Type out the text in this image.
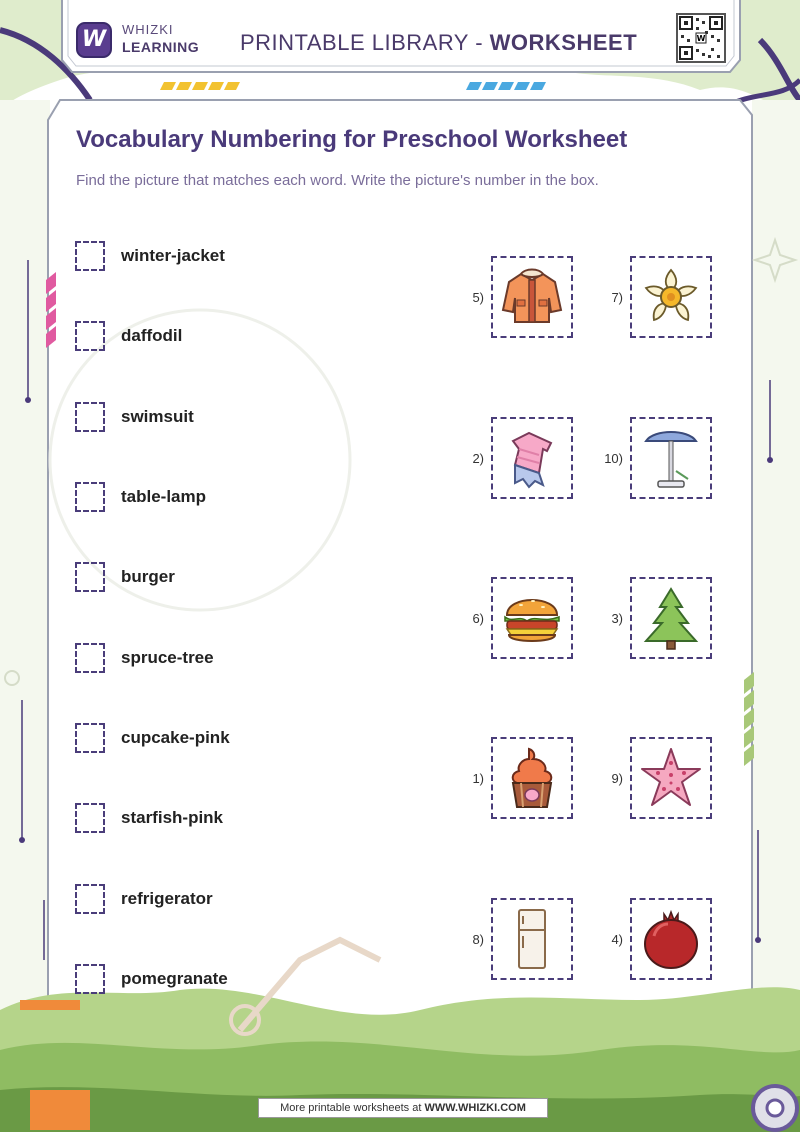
W WHIZKI
LEARNING PRINTABLE LIBRARY - WORKSHEET	W
Vocabulary Numbering for Preschool Worksheet
Find the picture that matches each word. Write the picture's number in the box.
winter-jacket
daffodil
swimsuit
table-lamp
burger
spruce-tree
cupcake-pink
starfish-pink
refrigerator
pomegranate
5)	7)
2)	10)
6)	3)
1)	9)
8)	4)
More printable worksheets at WWW.WHIZKI.COM
